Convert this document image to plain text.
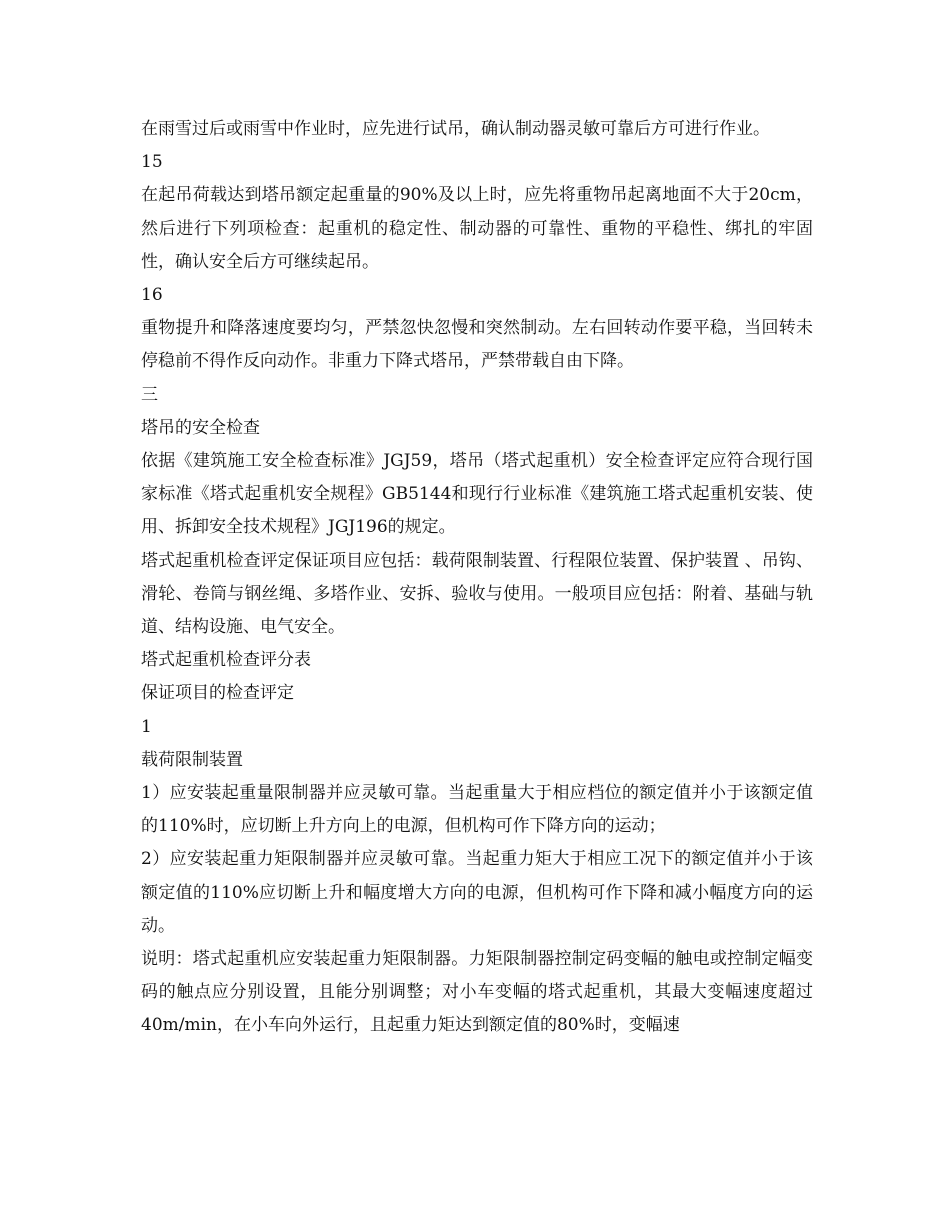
在雨雪过后或雨雪中作业时，应先进行试吊，确认制动器灵敏可靠后方可进行作业。

15

在起吊荷载达到塔吊额定起重量的90%及以上时，应先将重物吊起离地面不大于20cm，然后进行下列项检查：起重机的稳定性、制动器的可靠性、重物的平稳性、绑扎的牢固性，确认安全后方可继续起吊。

16

重物提升和降落速度要均匀，严禁忽快忽慢和突然制动。左右回转动作要平稳，当回转未停稳前不得作反向动作。非重力下降式塔吊，严禁带载自由下降。

三

塔吊的安全检查

依据《建筑施工安全检查标准》JGJ59，塔吊（塔式起重机）安全检查评定应符合现行国家标准《塔式起重机安全规程》GB5144和现行行业标准《建筑施工塔式起重机安装、使用、拆卸安全技术规程》JGJ196的规定。

塔式起重机检查评定保证项目应包括：载荷限制装置、行程限位装置、保护装置 、吊钩、滑轮、卷筒与钢丝绳、多塔作业、安拆、验收与使用。一般项目应包括：附着、基础与轨道、结构设施、电气安全。

塔式起重机检查评分表

保证项目的检查评定

1

载荷限制装置

1）应安装起重量限制器并应灵敏可靠。当起重量大于相应档位的额定值并小于该额定值的110%时，应切断上升方向上的电源，但机构可作下降方向的运动；

2）应安装起重力矩限制器并应灵敏可靠。当起重力矩大于相应工况下的额定值并小于该额定值的110%应切断上升和幅度增大方向的电源，但机构可作下降和减小幅度方向的运动。

说明：塔式起重机应安装起重力矩限制器。力矩限制器控制定码变幅的触电或控制定幅变码的触点应分别设置，且能分别调整；对小车变幅的塔式起重机，其最大变幅速度超过40m/min，在小车向外运行，且起重力矩达到额定值的80%时，变幅速
